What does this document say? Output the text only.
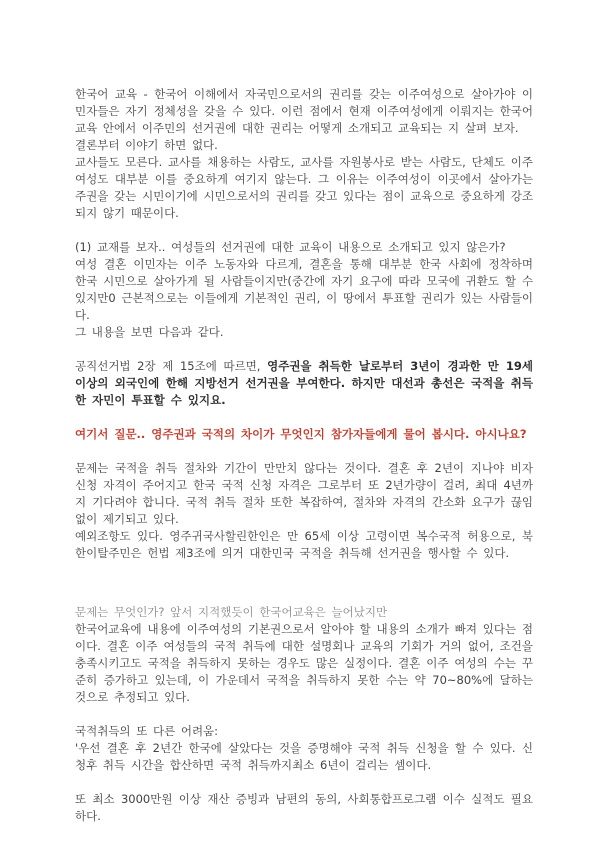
한국어 교육 - 한국어 이해에서 자국민으로서의 권리를 갖는 이주여성으로 살아가야 이민자들은 자기 정체성을 갖을 수 있다. 이런 점에서 현재 이주여성에게 이뤄지는 한국어교육 안에서 이주민의 선거권에 대한 권리는 어떻게 소개되고 교육되는 지 살펴 보자.

결론부터 이야기 하면 없다.

교사들도 모른다. 교사를 채용하는 사람도, 교사를 자원봉사로 받는 사람도, 단체도 이주여성도 대부분 이를 중요하게 여기지 않는다. 그 이유는 이주여성이 이곳에서 살아가는 주권을 갖는 시민이기에 시민으로서의 권리를 갖고 있다는 점이 교육으로 중요하게 강조되지 않기 때문이다.

(1) 교재를 보자.. 여성들의 선거권에 대한 교육이 내용으로 소개되고 있지 않은가?

여성 결혼 이민자는 이주 노동자와 다르게, 결혼을 통해 대부분 한국 사회에 정착하며 한국 시민으로 살아가게 될 사람들이지만(중간에 자기 요구에 따라 모국에 귀환도 할 수 있지만0 근본적으로는 이들에게 기본적인 권리, 이 땅에서 투표할 권리가 있는 사람들이다.

그 내용을 보면 다음과 같다.

공직선거법 2장 제 15조에 따르면, 영주권을 취득한 날로부터 3년이 경과한 만 19세 이상의 외국인에 한해 지방선거 선거권을 부여한다. 하지만 대선과 총선은 국적을 취득한 자민이 투표할 수 있지요.

여기서 질문.. 영주권과 국적의 차이가 무엇인지 참가자들에게 물어 봅시다. 아시나요?

문제는 국적을 취득 절차와 기간이 만만치 않다는 것이다. 결혼 후 2년이 지나야 비자 신청 자격이 주어지고 한국 국적 신청 자격은 그로부터 또 2년가량이 걸려, 최대 4년까지 기다려야 합니다. 국적 취득 절차 또한 복잡하여, 절차와 자격의 간소화 요구가 끊임없이 제기되고 있다.

예외조항도 있다. 영주귀국사할린한인은 만 65세 이상 고령이면 복수국적 허용으로, 북한이탈주민은 헌법 제3조에 의거 대한민국 국적을 취득해 선거권을 행사할 수 있다.

문제는 무엇인가? 앞서 지적했듯이 한국어교육은 늘어났지만

한국어교육에 내용에 이주여성의 기본권으로서 알아야 할 내용의 소개가 빠져 있다는 점이다. 결혼 이주 여성들의 국적 취득에 대한 설명회나 교육의 기회가 거의 없어, 조건을 충족시키고도 국적을 취득하지 못하는 경우도 많은 실정이다. 결혼 이주 여성의 수는 꾸준히 증가하고 있는데, 이 가운데서 국적을 취득하지 못한 수는 약 70~80%에 달하는 것으로 추정되고 있다.

국적취득의 또 다른 어려움:

'우선 결혼 후 2년간 한국에 살았다는 것을 증명해야 국적 취득 신청을 할 수 있다. 신청후 취득 시간을 합산하면 국적 취득까지최소 6년이 걸리는 셈이다.

또 최소 3000만원 이상 재산 증빙과 남편의 동의, 사회통합프로그램 이수 실적도 필요하다.
